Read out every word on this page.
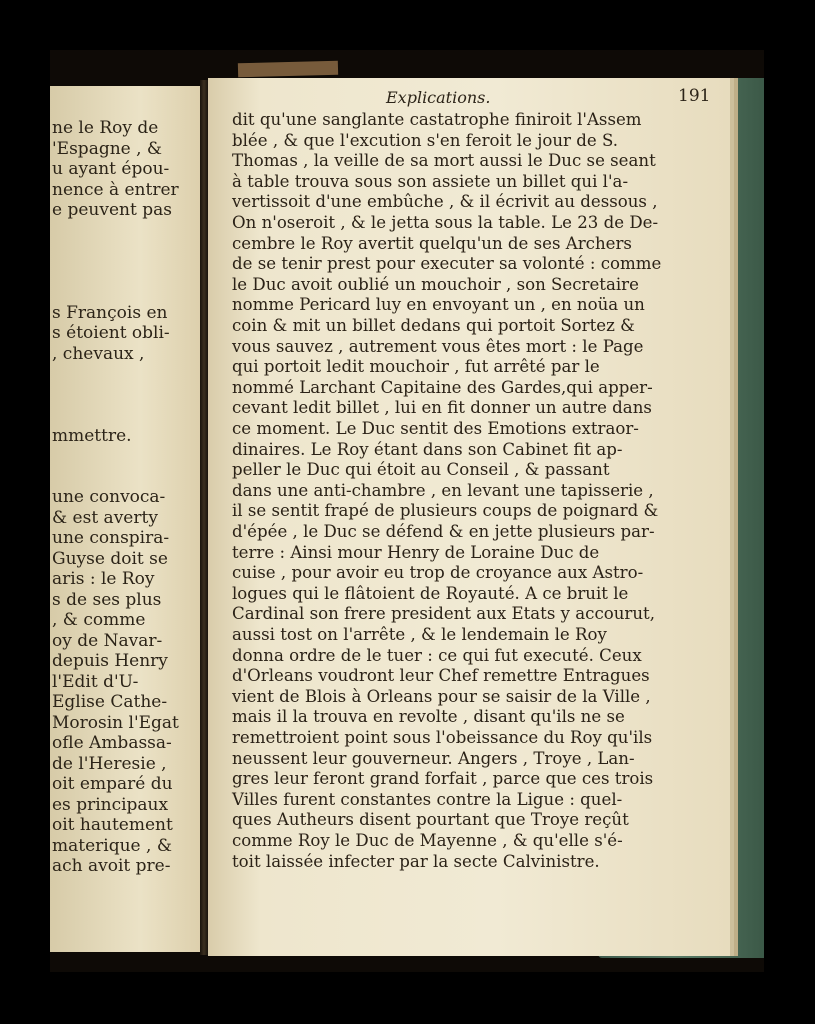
ne le Roy de
'Espagne , &
u ayant épou-
nence à entrer
e peuvent pas
s François en
s étoient obli-
, chevaux ,
mmettre.
une convoca-
& est averty
une conspira-
Guyse doit se
aris : le Roy
s de ses plus
, & comme
oy de Navar-
depuis Henry
l'Edit d'U-
Eglise Cathe-
Morosin l'Egat
ofle Ambassa-
de l'Heresie ,
oit emparé du
es principaux
oit hautement
materique , &
ach avoit pre-
Explications.	191
dit qu'une sanglante castatrophe finiroit l'Assem
blée , & que l'excution s'en feroit le jour de S.
Thomas , la veille de sa mort aussi le Duc se seant
à table trouva sous son assiete un billet qui l'a-
vertissoit d'une embûche , & il écrivit au dessous ,
On n'oseroit , & le jetta sous la table. Le 23 de De-
cembre le Roy avertit quelqu'un de ses Archers
de se tenir prest pour executer sa volonté : comme
le Duc avoit oublié un mouchoir , son Secretaire
nomme Pericard luy en envoyant un , en noüa un
coin & mit un billet dedans qui portoit Sortez &
vous sauvez , autrement vous êtes mort : le Page
qui portoit ledit mouchoir , fut arrêté par le
nommé Larchant Capitaine des Gardes,qui apper-
cevant ledit billet , lui en fit donner un autre dans
ce moment. Le Duc sentit des Emotions extraor-
dinaires. Le Roy étant dans son Cabinet fit ap-
peller le Duc qui étoit au Conseil , & passant
dans une anti-chambre , en levant une tapisserie ,
il se sentit frapé de plusieurs coups de poignard &
d'épée , le Duc se défend & en jette plusieurs par-
terre : Ainsi mour Henry de Loraine Duc de
cuise , pour avoir eu trop de croyance aux Astro-
logues qui le flâtoient de Royauté. A ce bruit le
Cardinal son frere president aux Etats y accourut,
aussi tost on l'arrête , & le lendemain le Roy
donna ordre de le tuer : ce qui fut executé. Ceux
d'Orleans voudront leur Chef remettre Entragues
vient de Blois à Orleans pour se saisir de la Ville ,
mais il la trouva en revolte , disant qu'ils ne se
remettroient point sous l'obeissance du Roy qu'ils
neussent leur gouverneur. Angers , Troye , Lan-
gres leur feront grand forfait , parce que ces trois
Villes furent constantes contre la Ligue : quel-
ques Autheurs disent pourtant que Troye reçût
comme Roy le Duc de Mayenne , & qu'elle s'é-
toit laissée infecter par la secte Calvinistre.
